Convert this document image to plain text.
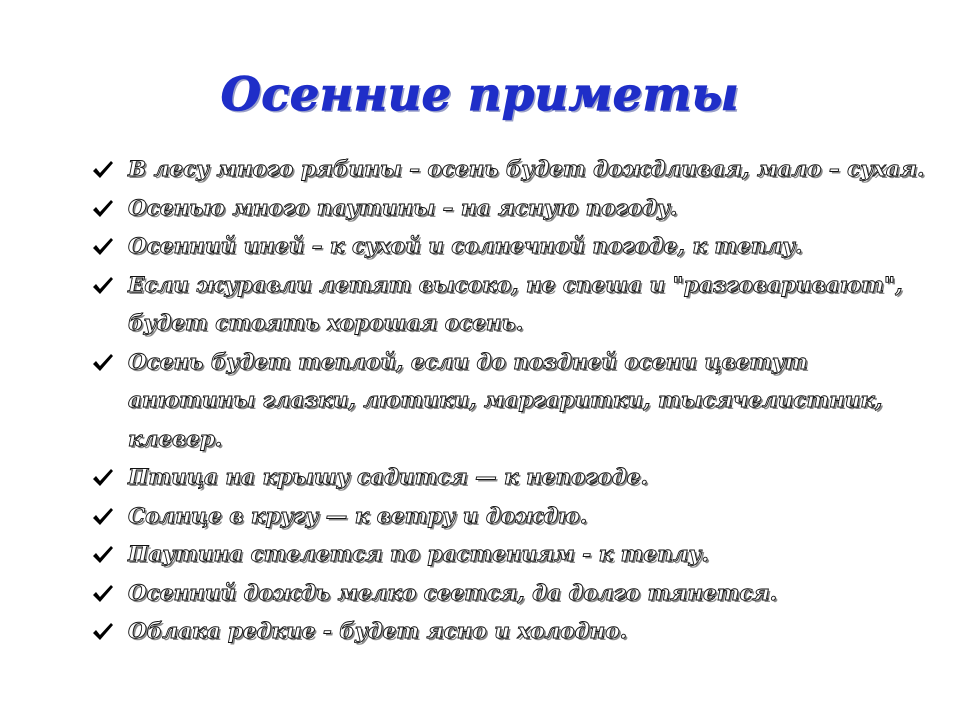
Осенние приметы
В лесу много рябины – осень будет дождливая, мало – сухая.
Осенью много паутины – на ясную погоду.
Осенний иней – к сухой и солнечной погоде, к теплу.
Если журавли летят высоко, не спеша и "разговаривают", будет стоять хорошая осень.
Осень будет теплой, если до поздней осени цветут анютины глазки, лютики, маргаритки, тысячелистник, клевер.
Птица на крышу садится — к непогоде.
Солнце в кругу — к ветру и дождю.
Паутина стелется по растениям - к теплу.
Осенний дождь мелко сеется, да долго тянется.
Облака редкие - будет ясно и холодно.
